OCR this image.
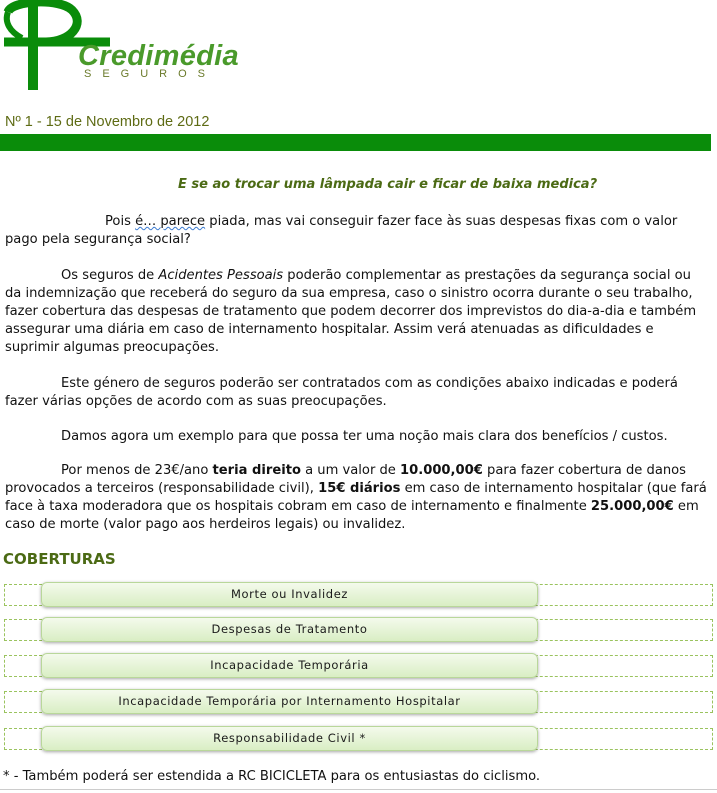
Credimédia
SEGUROS
Nº 1 - 15 de Novembro de 2012
E se ao trocar uma lâmpada cair e ficar de baixa medica?
Pois é… parece piada, mas vai conseguir fazer face às suas despesas fixas com o valor pago pela segurança social?
Os seguros de Acidentes Pessoais poderão complementar as prestações da segurança social ou da indemnização que receberá do seguro da sua empresa, caso o sinistro ocorra durante o seu trabalho, fazer cobertura das despesas de tratamento que podem decorrer dos imprevistos do dia-a-dia e também assegurar uma diária em caso de internamento hospitalar. Assim verá atenuadas as dificuldades e suprimir algumas preocupações.
Este género de seguros poderão ser contratados com as condições abaixo indicadas e poderá fazer várias opções de acordo com as suas preocupações.
Damos agora um exemplo para que possa ter uma noção mais clara dos benefícios / custos.
Por menos de 23€/ano teria direito a um valor de 10.000,00€ para fazer cobertura de danos provocados a terceiros (responsabilidade civil), 15€ diários em caso de internamento hospitalar (que fará face à taxa moderadora que os hospitais cobram em caso de internamento e finalmente 25.000,00€ em caso de morte (valor pago aos herdeiros legais) ou invalidez.
COBERTURAS
Morte ou Invalidez
Despesas de Tratamento
Incapacidade Temporária
Incapacidade Temporária por Internamento Hospitalar
Responsabilidade Civil *
* - Também poderá ser estendida a RC BICICLETA para os entusiastas do ciclismo.
